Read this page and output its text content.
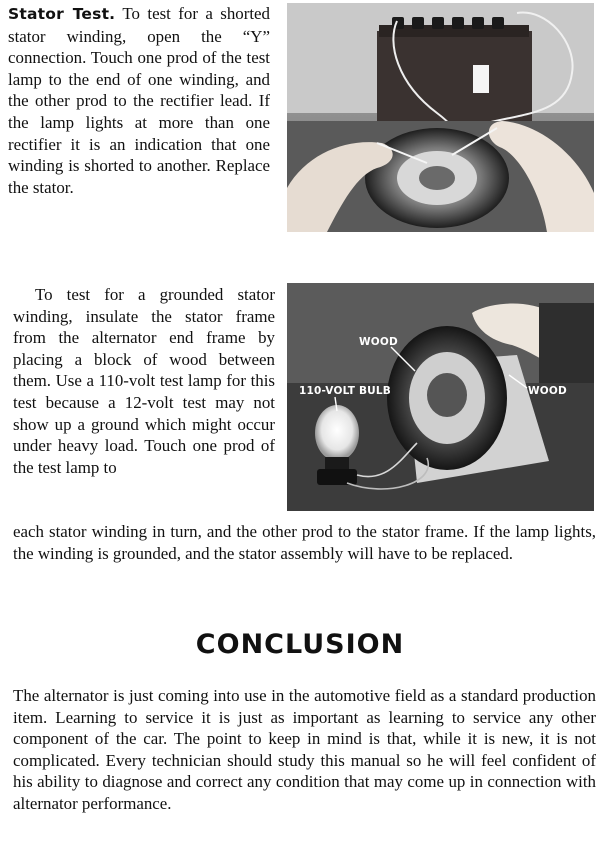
Stator Test. To test for a shorted stator winding, open the “Y” connection. Touch one prod of the test lamp to the end of one winding, and the other prod to the rectifier lead. If the lamp lights at more than one rectifier it is an indication that one winding is shorted to another. Replace the stator.

To test for a grounded stator winding, insulate the stator frame from the alternator end frame by placing a block of wood between them. Use a 110-volt test lamp for this test because a 12-volt test may not show up a ground which might occur under heavy load. Touch one prod of the test lamp to

each stator winding in turn, and the other prod to the stator frame. If the lamp lights, the winding is grounded, and the stator assembly will have to be replaced.

WOOD
110-VOLT BULB	WOOD
CONCLUSION

The alternator is just coming into use in the automotive field as a standard production item. Learning to service it is just as important as learning to service any other component of the car. The point to keep in mind is that, while it is new, it is not complicated. Every technician should study this manual so he will feel confident of his ability to diagnose and correct any condition that may come up in connection with alternator performance.
